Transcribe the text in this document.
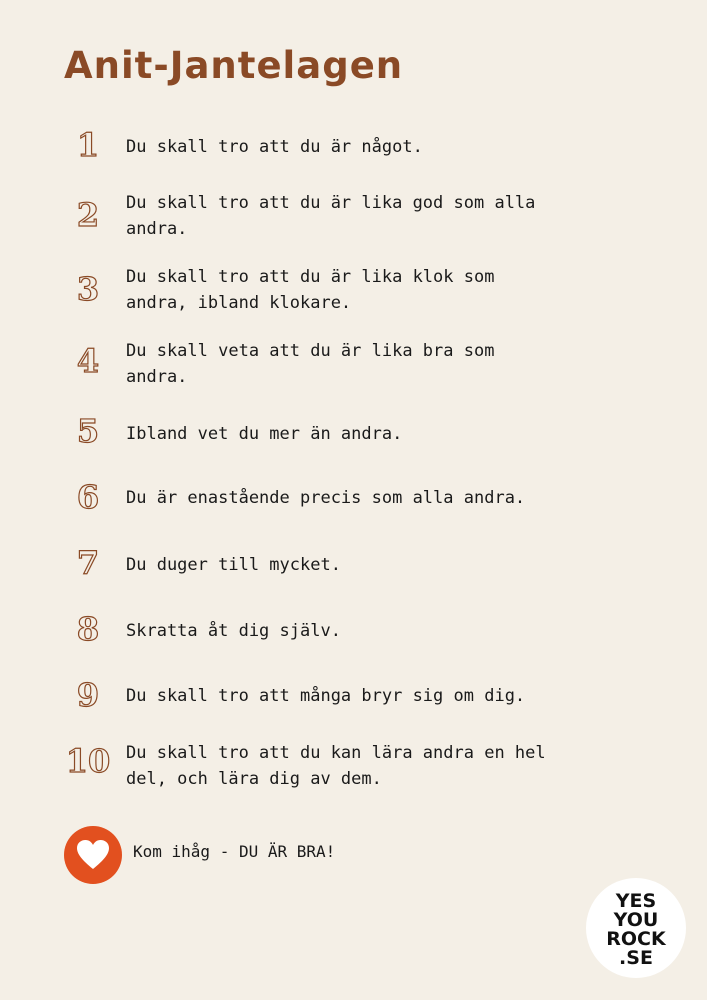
Anit-Jantelagen
1	Du skall tro att du är något.
2	Du skall tro att du är lika god som alla andra.
3	Du skall tro att du är lika klok som andra, ibland klokare.
4	Du skall veta att du är lika bra som andra.
5	Ibland vet du mer än andra.
6	Du är enastående precis som alla andra.
7	Du duger till mycket.
8	Skratta åt dig själv.
9	Du skall tro att många bryr sig om dig.
10 Du skall tro att du kan lära andra en hel del, och lära dig av dem.
Kom ihåg - DU ÄR BRA!
YES
YOU
ROCK
.SE
